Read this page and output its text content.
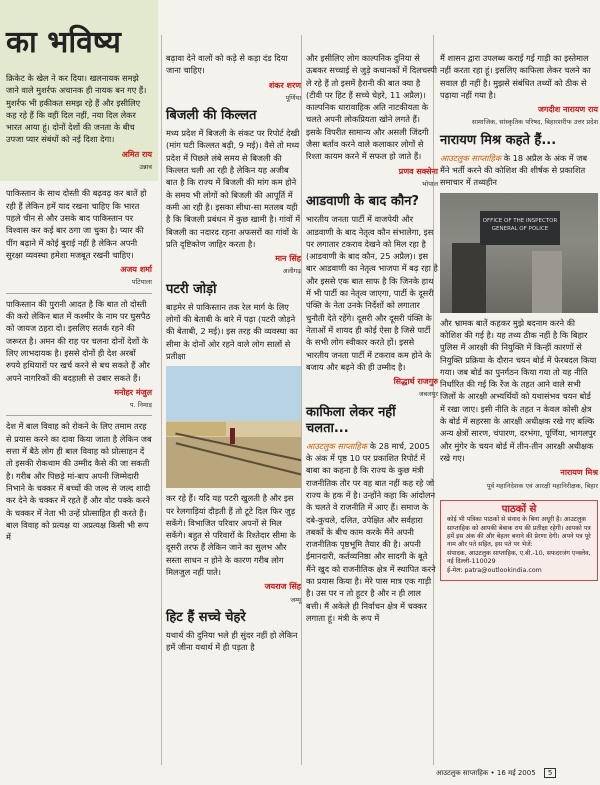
का भविष्य

क्रिकेट के खेल ने कर दिया। खलनायक समझे जाने वाले मुशर्रफ अचानक ही नायक बन गए हैं। मुशर्रफ भी हकीकत समझ रहे हैं और इसीलिए कह रहे हैं कि वहीं दिल नहीं, नया दिल लेकर भारत आया हूं। दोनों देशों की जनता के बीच उपजा प्यार संबंधों को नई दिशा देगा।

अमित राय
उन्नाव

पाकिस्तान के साथ दोस्ती की बढ़वढ़ कर बातें हो रही हैं लेकिन हमें याद रखना चाहिए कि भारत पहले चीन से और उसके बाद पाकिस्तान पर विश्वास कर कई बार ठगा जा चुका है। प्यार की पींग बढ़ाने में कोई बुराई नहीं है लेकिन अपनी सुरक्षा व्यवस्था हमेशा मजबूत रखनी चाहिए।

अजय शर्मा
पटियाला

पाकिस्तान की पुरानी आदत है कि बात तो दोस्ती की करो लेकिन बात में कश्मीर के नाम पर घुसपैठ को जायज ठहरा दो। इसलिए सतर्क रहने की जरूरत है। अमन की राह पर चलना दोनों देशों के लिए लाभदायक है। इससे दोनों ही देश अरबों रुपये हथियारों पर खर्च करने से बच सकते हैं और अपने नागरिकों की बदहाली से उबार सकते हैं।

मनोहर मंजुल
प. निमाड़

देश में बाल विवाह को रोकने के लिए तमाम तरह से प्रयास करने का दावा किया जाता है लेकिन जब सत्ता में बैठे लोग ही बाल विवाह को प्रोत्साहन दें तो इसकी रोकथाम की उम्मीद कैसे की जा सकती है। गरीब और पिछड़े मां-बाप अपनी जिम्मेदारी निभाने के चक्कर में बच्चों की जल्द से जल्द शादी कर देने के चक्कर में रहते हैं और वोट पक्के करने के चक्कर में नेता भी उन्हें प्रोत्साहित ही करते हैं। बाल विवाह को प्रत्यक्ष या अप्रत्यक्ष किसी भी रूप में

बढ़ावा देने वालों को कड़े से कड़ा दंड दिया जाना चाहिए।

शंकर शरण
पूर्णिया
बिजली की किल्लत

मध्य प्रदेश में बिजली के संकट पर रिपोर्ट देखी (मांग घटी किल्लत बढ़ी, 9 मई)। वैसे तो मध्य प्रदेश में पिछले लंबे समय से बिजली की किल्लत चली आ रही है लेकिन यह अजीब बात है कि राज्य में बिजली की मांग कम होने के समय भी लोगों को बिजली की आपूर्ति में कमी आ रही है। इसका सीधा-सा मतलब यही है कि बिजली प्रबंधन में कुछ खामी है। गांवों में बिजली का नदारद रहना अफसरों का गांवों के प्रति दृष्टिकोण जाहिर करता है।

मान सिंह
अलीगढ़
पटरी जोड़ो

बाड़मेर से पाकिस्तान तक रेल मार्ग के लिए लोगों की बेताबी के बारे में पढ़ा (पटरी जोड़ने की बेताबी, 2 मई)। इस तरह की व्यवस्था का सीमा के दोनों ओर रहने वाले लोग सालों से प्रतीक्षा

कर रहे हैं। यदि यह पटरी खुलती है और इस पर रेलगाड़ियां दौड़ती हैं तो टूटे दिल फिर जुड़ सकेंगे। विभाजित परिवार अपनों से मिल सकेंगे। बहुत से परिवारों के रिश्तेदार सीमा के दूसरी तरफ हैं लेकिन जाने का सुलभ और सस्ता साधन न होने के कारण गरीब लोग मिलजुल नहीं पाते।

जयराज सिंह
जम्मू
हिट हैं सच्चे चेहरे

यथार्थ की दुनिया भले ही सुंदर नहीं हो लेकिन हमें जीना यथार्थ में ही पड़ता है

और इसीलिए लोग काल्पनिक दुनिया से ऊबकर सच्चाई से जुड़े कथानकों में दिलचस्पी ले रहे हैं तो इसमें हैरानी की बात क्या है (टीवी पर हिट हैं सच्चे चेहरे, 11 अप्रैल)। काल्पनिक धारावाहिक अति नाटकीयता के चलते अपनी लोकप्रियता खोने लगते हैं। इसके विपरीत सामान्य और असली जिंदगी जैसा बर्ताव करने वाले कलाकार लोगों से रिश्ता कायम करने में सफल हो जाते हैं।

प्रणव सक्सेना
भोपाल
आडवाणी के बाद कौन?

भारतीय जनता पार्टी में वाजपेयी और आडवाणी के बाद नेतृत्व कौन संभालेगा, इस पर लगातार टकराव देखने को मिल रहा है (आडवाणी के बाद कौन, 25 अप्रैल)। इस बार आडवाणी का नेतृत्व भाजपा में बढ़ रहा है और इससे एक बात साफ है कि जिनके हाथ में भी पार्टी का नेतृत्व जाएगा, पार्टी के दूसरी पंक्ति के नेता उनके निर्देशों को लगातार चुनौती देते रहेंगे। दूसरी और दूसरी पंक्ति के नेताओं में शायद ही कोई ऐसा है जिसे पार्टी के सभी लोग स्वीकार करते हों। इससे भारतीय जनता पार्टी में टकराव कम होने के बजाय और बढ़ने की ही उम्मीद है।

सिद्धार्थ राजगुरु
जबलपुर
काफिला लेकर नहीं चलता...

आउटलुक साप्ताहिक के 28 मार्च, 2005 के अंक में पृष्ठ 10 पर प्रकाशित रिपोर्ट में बाबा का कहना है कि राज्य के कुछ मंत्री राजनीतिक तौर पर वह बात नहीं कह रहे जो राज्य के हक में है। उन्होंने कहा कि आंदोलन के चलते वे राजनीति में आए हैं। समाज के दबे-कुचले, दलित, उपेक्षित और सर्वहारा तबकों के बीच काम करके मैंने अपनी राजनीतिक पृष्ठभूमि तैयार की है। अपनी ईमानदारी, कर्तव्यनिष्ठा और सादगी के बूते मैंने खुद को राजनीतिक क्षेत्र में स्थापित करने का प्रयास किया है। मेरे पास मात्र एक गाड़ी है। उस पर न तो हूटर है और न ही लाल बत्ती। मैं अकेले ही निर्वाचन क्षेत्र में चक्कर लगाता हूं। मंत्री के रूप में

मैं शासन द्वारा उपलब्ध कराई गई गाड़ी का इस्तेमाल नहीं करता रहा हूं। इसलिए काफिला लेकर चलने का सवाल ही नहीं है। मुझसे संबंधित तथ्यों को ठीक से पढ़ाया नहीं गया है।

जगदीश नारायण राय
सामाजिक, सांस्कृतिक परिषद, बिहारशरीफ उत्तर प्रदेश
नारायण मिश्र कहते हैं...

आउटलुक साप्ताहिक के 18 अप्रैल के अंक में जब मैंने भर्ती करने की कोशिश की शीर्षक से प्रकाशित समाचार में तथ्यहीन

OFFICE OF THE INSPECTOR GENERAL OF POLICE

और भ्रामक बातें कहकर मुझे बदनाम करने की कोशिश की गई है। यह तथ्य ठीक नहीं है कि बिहार पुलिस में आरक्षी की नियुक्ति में किन्हीं कारणों से नियुक्ति प्रक्रिया के दौरान चयन बोर्ड में फेरबदल किया गया। जब बोर्ड का पुनर्गठन किया गया तो यह नीति निर्धारित की गई कि रेंज के तहत आने वाले सभी जिलों के आरक्षी अभ्यर्थियों को यथासंभव चयन बोर्ड में रखा जाए। इसी नीति के तहत न केवल कोसी क्षेत्र के बोर्ड में सहरसा के आरक्षी अधीक्षक रखे गए बल्कि अन्य क्षेत्रों सारण, चंपारण, दरभंगा, पूर्णिया, भागलपुर और मुंगेर के चयन बोर्ड में तीन-तीन आरक्षी अधीक्षक रखे गए।

नारायण मिश्र
पूर्व महानिदेशक एवं आरक्षी महानिरीक्षक, बिहार
पाठकों से
कोई भी पत्रिका पाठकों से संवाद के बिना अधूरी है। आउटलुक साप्ताहिक को आपकी बेबाक राय की प्रतीक्षा रहेगी। आपको पत्र हमें इस अंक की और बेहतर बनाने की प्रेरणा देगी। अपने पत्र पूरे नाम और पते सहित, इस पते पर भेजें:
संपादक, आउटलुक साप्ताहिक, ए.बी.-10, सफदरजंग एन्क्लेव, नई दिल्ली-110029
ई-मेल: patra@outlookindia.com
आउटलुक साप्ताहिक • 16 मई 2005 5
